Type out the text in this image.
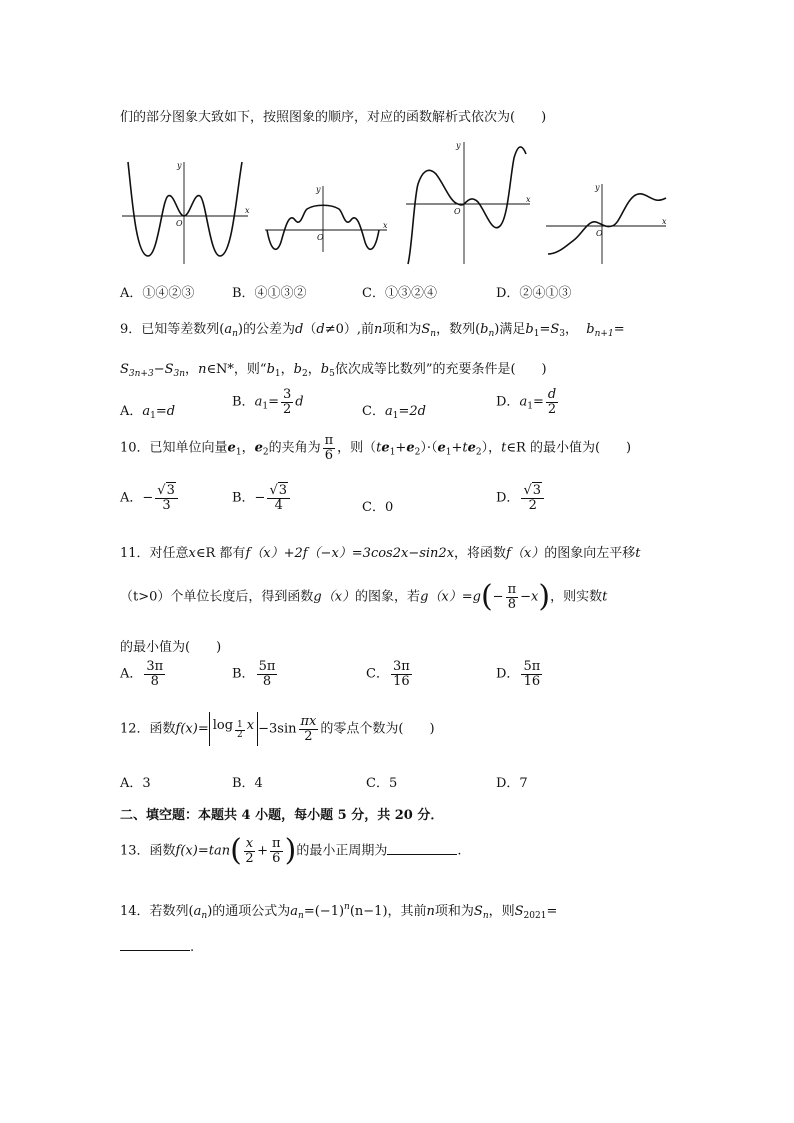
们的部分图象大致如下，按照图象的顺序，对应的函数解析式依次为(　　)
y
x
O
y
x
O
y
x
O
y
x
O
A．①④②③	B．④①③②	C．①③②④	D．②④①③
9．已知等差数列$(a_n)$的公差为d（d≠0）,前n项和为$S_n$，数列$(b_n)$满足$b_1=S_3$， $b_{n+1}=$
$S_{3n+3}-S_{3n}$，n∈N*，则“$b_1$，$b_2$，$b_5$依次成等比数列”的充要条件是(　　)
A．$a_1=d$
B．$a_1= \frac{3}{2}$ d
C．$a_1=2d$
D．$a_1= \frac{d}{2}$
10．已知单位向量$e_1$，$e_2$的夹角为 $\frac{\pi}{6}$ ，则$(te_1+e_2)\cdot(e_1+te_2)$，t∈R 的最小值为(　　)
A．− $\frac{√3}{3}$	B．− $\frac{√3}{4}$	C．0
D． $\frac{√3}{2}$
11．对任意x∈R 都有f（x）+2f（−x）=3cos2x−sin2x，将函数f（x）的图象向左平移t
（t>0）个单位长度后，得到函数g（x）的图象，若$g(x)=g(- \frac{\pi}{8} -x)$，则实数t
的最小值为(　　)
A． $\frac{3\pi}{8}$	B． $\frac{5\pi}{8}$	C． $\frac{3\pi}{16}$	D． $\frac{5\pi}{16}$
12．函数$f(x)= \log \frac{1}{2}$ $x -3\sin \frac{\pi x}{2}$ 的零点个数为(　　)
A．3	B．4	C．5	D．7
二、填空题：本题共 4 小题，每小题 5 分，共 20 分．
13．函数$f(x)=\tan( \frac{x}{2} + \frac{\pi}{6}$ )的最小正周期为	.
14．若数列$(a_n)$的通项公式为$a_n=(-1)^n(n-1)$，其前n项和为$S_n$，则$S_{2021}=$
.
